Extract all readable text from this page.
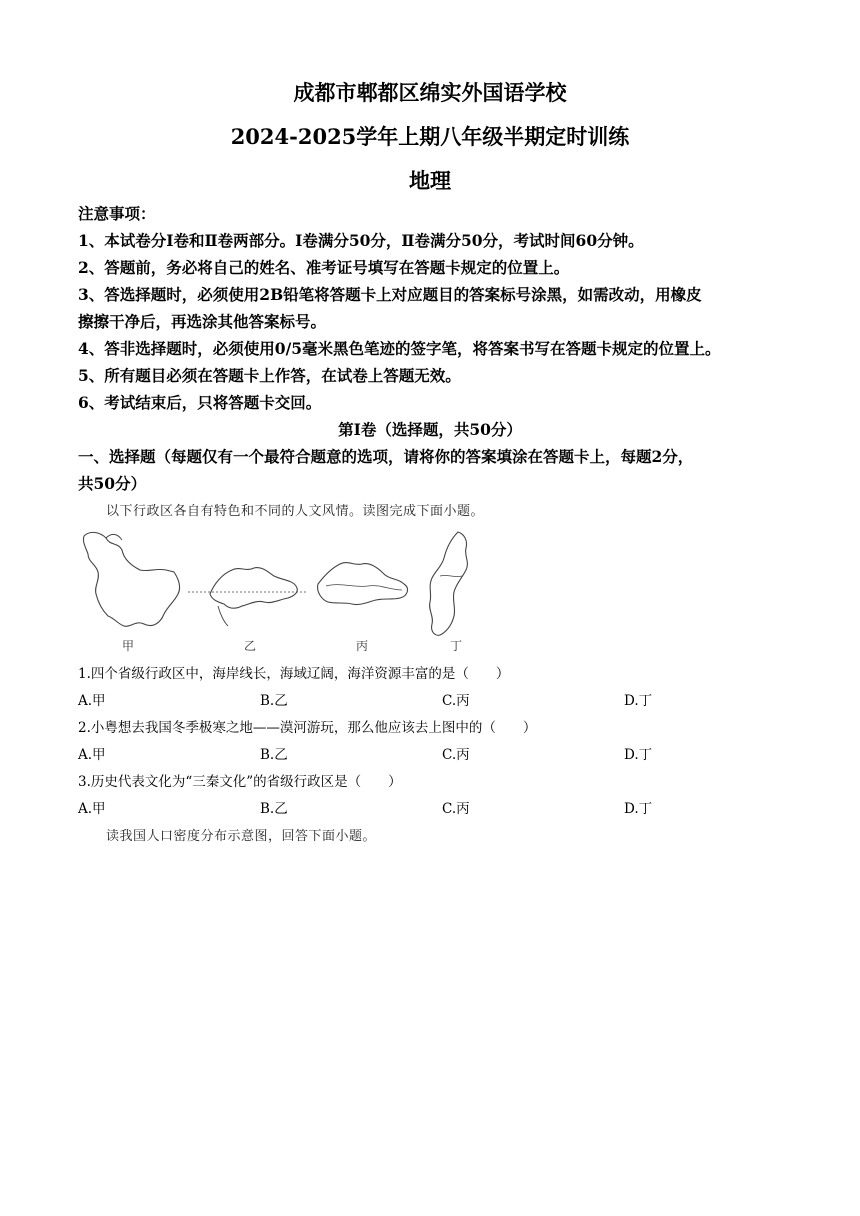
成都市郫都区绵实外国语学校
2024-2025学年上期八年级半期定时训练
地理
注意事项：
1、本试卷分Ⅰ卷和Ⅱ卷两部分。Ⅰ卷满分50分，Ⅱ卷满分50分，考试时间60分钟。
2、答题前，务必将自己的姓名、准考证号填写在答题卡规定的位置上。
3、答选择题时，必须使用2B铅笔将答题卡上对应题目的答案标号涂黑，如需改动，用橡皮
擦擦干净后，再选涂其他答案标号。
4、答非选择题时，必须使用0/5毫米黑色笔迹的签字笔，将答案书写在答题卡规定的位置上。
5、所有题目必须在答题卡上作答，在试卷上答题无效。
6、考试结束后，只将答题卡交回。
第Ⅰ卷（选择题，共50分）
一、选择题（每题仅有一个最符合题意的选项，请将你的答案填涂在答题卡上，每题2分，
共50分）
以下行政区各自有特色和不同的人文风情。读图完成下面小题。
甲	乙	丙	丁
1.四个省级行政区中，海岸线长，海域辽阔，海洋资源丰富的是（　　）
A.甲	B.乙	C.丙	D.丁
2.小粤想去我国冬季极寒之地——漠河游玩，那么他应该去上图中的（　　）
A.甲	B.乙	C.丙	D.丁
3.历史代表文化为“三秦文化”的省级行政区是（　　）
A.甲	B.乙	C.丙	D.丁
读我国人口密度分布示意图，回答下面小题。
